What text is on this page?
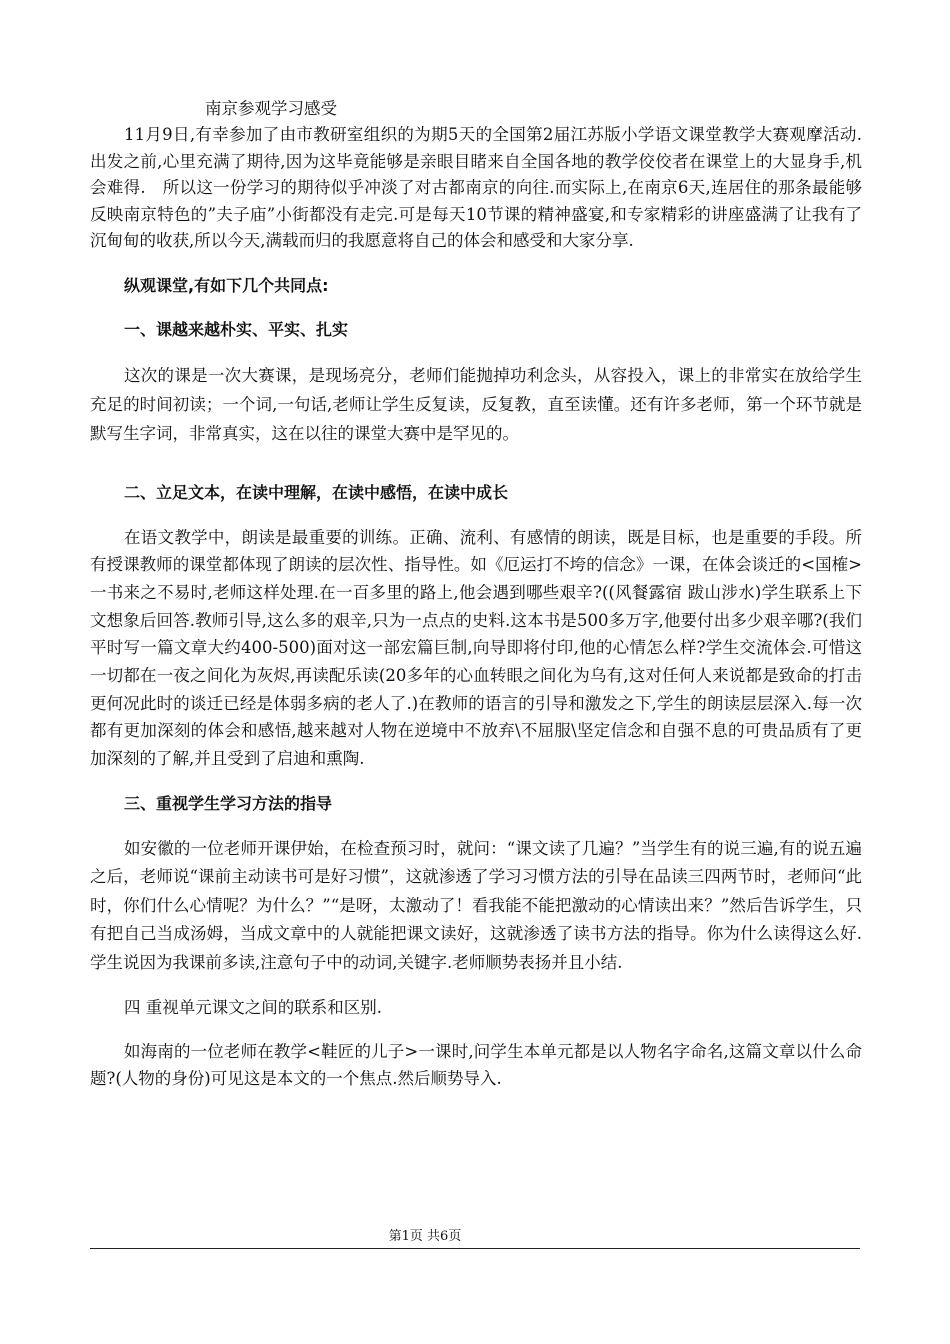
南京参观学习感受

11月9日,有幸参加了由市教研室组织的为期5天的全国第2届江苏版小学语文课堂教学大赛观摩活动.出发之前,心里充满了期待,因为这毕竟能够是亲眼目睹来自全国各地的教学佼佼者在课堂上的大显身手,机会难得.　所以这一份学习的期待似乎冲淡了对古都南京的向往.而实际上,在南京6天,连居住的那条最能够反映南京特色的”夫子庙”小街都没有走完.可是每天10节课的精神盛宴,和专家精彩的讲座盛满了让我有了沉甸甸的收获,所以今天,满载而归的我愿意将自己的体会和感受和大家分享.

纵观课堂,有如下几个共同点:

一、课越来越朴实、平实、扎实

这次的课是一次大赛课，是现场亮分，老师们能抛掉功利念头，从容投入，课上的非常实在放给学生充足的时间初读；一个词,一句话,老师让学生反复读，反复教，直至读懂。还有许多老师，第一个环节就是默写生字词，非常真实，这在以往的课堂大赛中是罕见的。

二、立足文本，在读中理解，在读中感悟，在读中成长

在语文教学中，朗读是最重要的训练。正确、流利、有感情的朗读，既是目标，也是重要的手段。所有授课教师的课堂都体现了朗读的层次性、指导性。如《厄运打不垮的信念》一课，在体会谈迁的<国榷>一书来之不易时,老师这样处理.在一百多里的路上,他会遇到哪些艰辛?((风餐露宿 跋山涉水)学生联系上下文想象后回答.教师引导,这么多的艰辛,只为一点点的史料.这本书是500多万字,他要付出多少艰辛哪?(我们平时写一篇文章大约400-500)面对这一部宏篇巨制,向导即将付印,他的心情怎么样?学生交流体会.可惜这一切都在一夜之间化为灰烬,再读配乐读(20多年的心血转眼之间化为乌有,这对任何人来说都是致命的打击更何况此时的谈迁已经是体弱多病的老人了.)在教师的语言的引导和激发之下,学生的朗读层层深入.每一次都有更加深刻的体会和感悟,越来越对人物在逆境中不放弃\不屈服\坚定信念和自强不息的可贵品质有了更加深刻的了解,并且受到了启迪和熏陶.

三、重视学生学习方法的指导

如安徽的一位老师开课伊始，在检查预习时，就问：“课文读了几遍？”当学生有的说三遍,有的说五遍之后，老师说“课前主动读书可是好习惯”，这就渗透了学习习惯方法的引导在品读三四两节时，老师问“此时，你们什么心情呢？为什么？”“是呀，太激动了！看我能不能把激动的心情读出来？”然后告诉学生，只有把自己当成汤姆，当成文章中的人就能把课文读好，这就渗透了读书方法的指导。你为什么读得这么好.学生说因为我课前多读,注意句子中的动词,关键字.老师顺势表扬并且小结.

四 重视单元课文之间的联系和区别.

如海南的一位老师在教学<鞋匠的儿子>一课时,问学生本单元都是以人物名字命名,这篇文章以什么命题?(人物的身份)可见这是本文的一个焦点.然后顺势导入.

第1页 共6页
